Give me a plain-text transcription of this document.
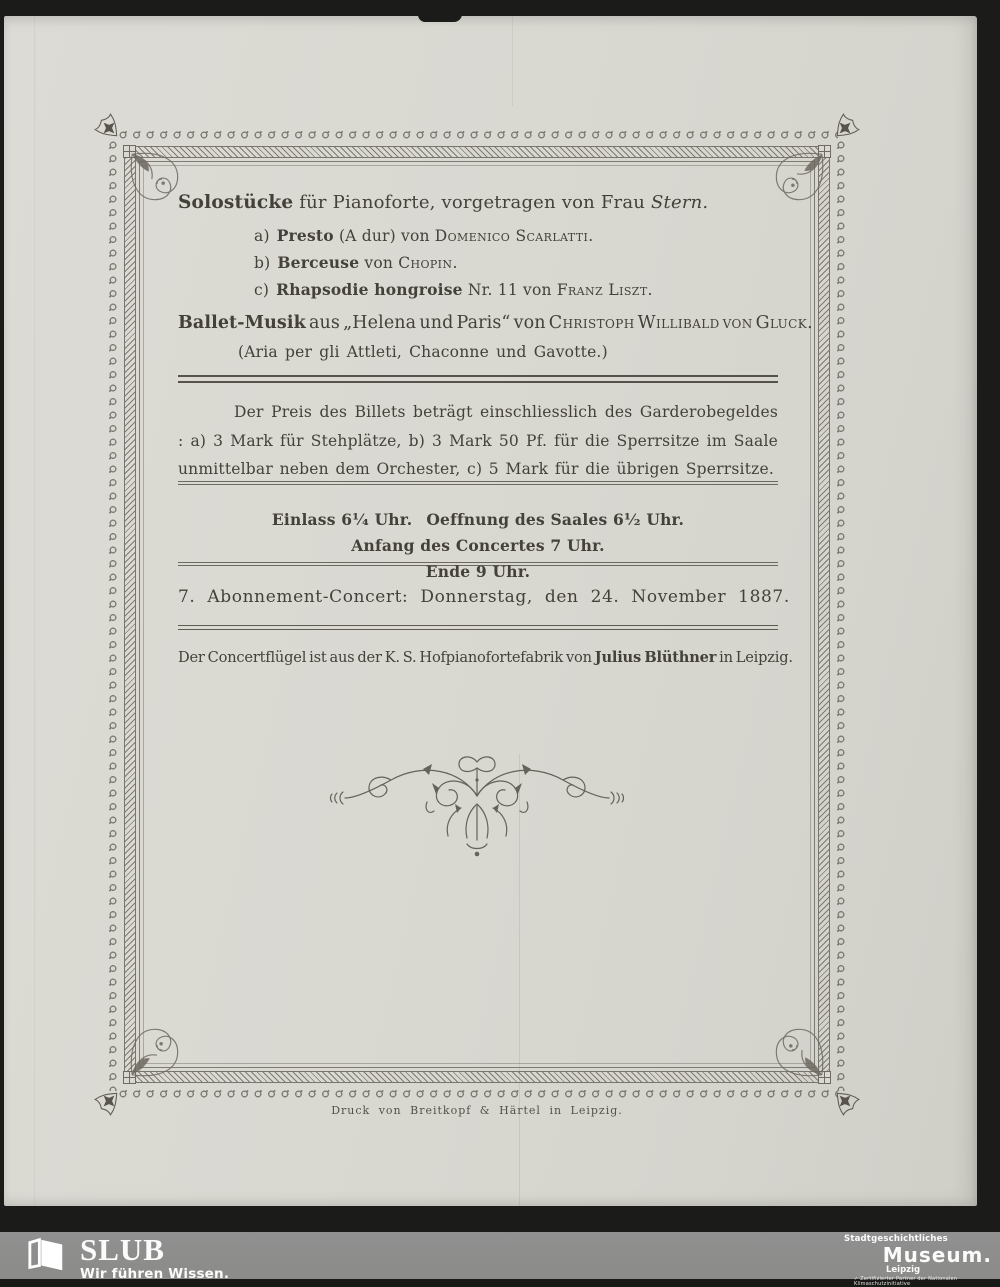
Solostücke für Pianoforte, vorgetragen von Frau Stern.
a) Presto (A dur) von Domenico Scarlatti.
b) Berceuse von Chopin.
c) Rhapsodie hongroise Nr. 11 von Franz Liszt.
Ballet-Musik aus „Helena und Paris“ von Christoph Willibald von Gluck.
(Aria per gli Attleti, Chaconne und Gavotte.)
Der Preis des Billets beträgt einschliesslich des Garderobegeldes : a) 3 Mark für Stehplätze, b) 3 Mark 50 Pf. für die Sperrsitze im Saale unmittelbar neben dem Orchester, c) 5 Mark für die übrigen Sperrsitze.
Einlass 6¹⁄₄ Uhr. Oeffnung des Saales 6¹⁄₂ Uhr.Anfang des Concertes 7 Uhr.
Ende 9 Uhr.
7. Abonnement-Concert: Donnerstag, den 24. November 1887.
Der Concertflügel ist aus der K. S. Hofpianofortefabrik von Julius Blüthner in Leipzig.
Druck von Breitkopf & Härtel in Leipzig.
SLUB
Wir führen Wissen.
Stadtgeschichtliches
Museum.
Leipzig
✓ Zertifizierter Partner der Nationalen Klimaschutzinitiative
